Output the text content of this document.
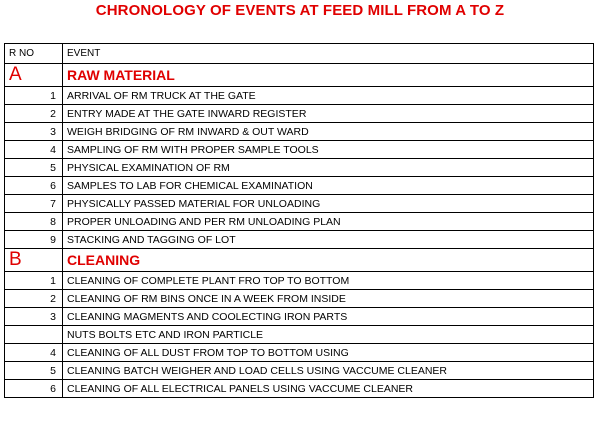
CHRONOLOGY OF EVENTS AT FEED MILL FROM A TO Z
R NO	EVENT
A	RAW MATERIAL
1	ARRIVAL OF RM TRUCK AT THE GATE
2	ENTRY MADE AT THE GATE INWARD REGISTER
3	WEIGH BRIDGING OF RM INWARD & OUT WARD
4	SAMPLING OF RM WITH PROPER SAMPLE TOOLS
5	PHYSICAL EXAMINATION OF RM
6	SAMPLES TO LAB FOR CHEMICAL EXAMINATION
7	PHYSICALLY PASSED MATERIAL FOR UNLOADING
8	PROPER UNLOADING AND PER RM UNLOADING PLAN
9	STACKING AND TAGGING OF LOT
B	CLEANING
1	CLEANING OF COMPLETE PLANT FRO TOP TO BOTTOM
2	CLEANING OF RM BINS ONCE IN A WEEK FROM INSIDE
3	CLEANING MAGMENTS AND COOLECTING IRON PARTS
	NUTS BOLTS ETC AND IRON PARTICLE
4	CLEANING OF ALL DUST FROM TOP TO BOTTOM USING
5	CLEANING BATCH WEIGHER AND LOAD CELLS USING VACCUME CLEANER
6	CLEANING OF ALL ELECTRICAL PANELS USING VACCUME CLEANER
